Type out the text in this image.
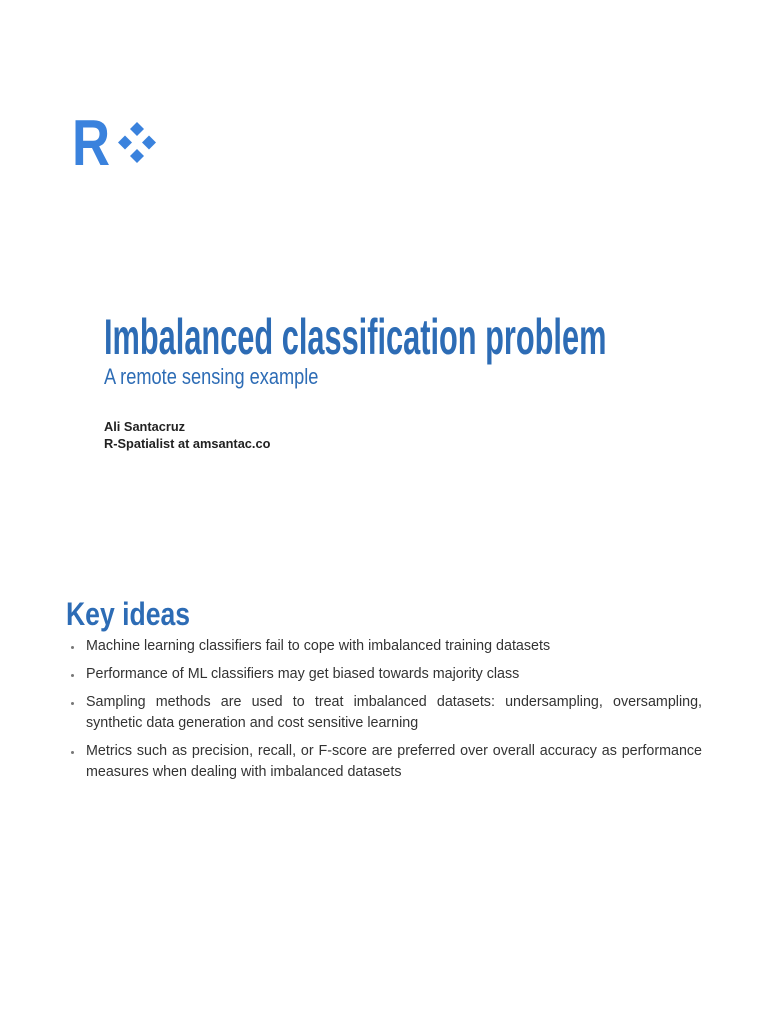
R
Imbalanced classification problem
A remote sensing example
Ali Santacruz
R-Spatialist at amsantac.co
Key ideas
Machine learning classifiers fail to cope with imbalanced training datasets
Performance of ML classifiers may get biased towards majority class
Sampling methods are used to treat imbalanced datasets: undersampling, oversampling, synthetic data generation and cost sensitive learning
Metrics such as precision, recall, or F-score are preferred over overall accuracy as performance measures when dealing with imbalanced datasets
